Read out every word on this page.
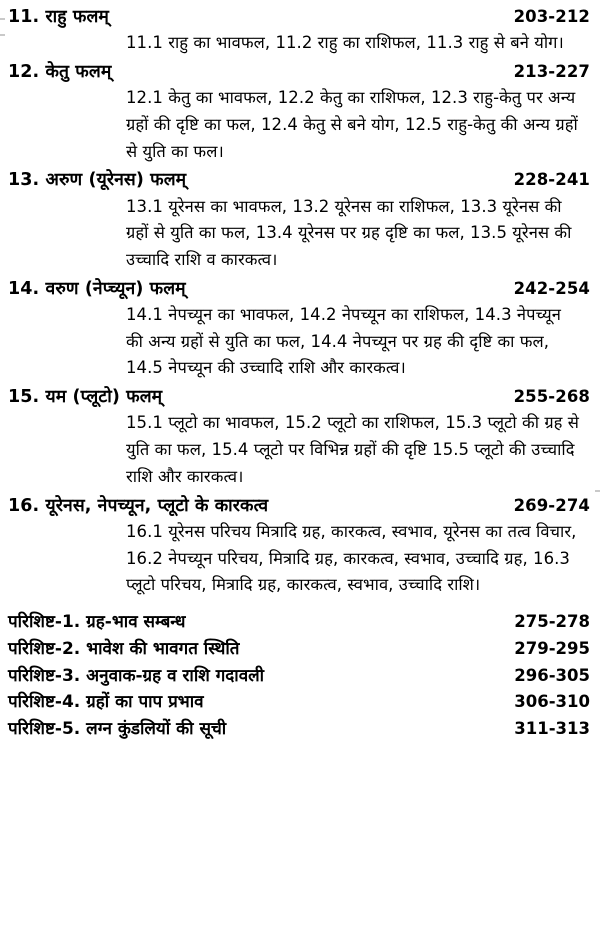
11. राहु फलम्	203-212
11.1 राहु का भावफल, 11.2 राहु का राशिफल, 11.3 राहु से बने योग।
12. केतु फलम्	213-227
12.1 केतु का भावफल, 12.2 केतु का राशिफल, 12.3 राहु-केतु पर अन्य ग्रहों की दृष्टि का फल, 12.4 केतु से बने योग, 12.5 राहु-केतु की अन्य ग्रहों से युति का फल।
13. अरुण (यूरेनस) फलम्	228-241
13.1 यूरेनस का भावफल, 13.2 यूरेनस का राशिफल, 13.3 यूरेनस की ग्रहों से युति का फल, 13.4 यूरेनस पर ग्रह दृष्टि का फल, 13.5 यूरेनस की उच्चादि राशि व कारकत्व।
14. वरुण (नेप्च्यून) फलम्	242-254
14.1 नेपच्यून का भावफल, 14.2 नेपच्यून का राशिफल, 14.3 नेपच्यून की अन्य ग्रहों से युति का फल, 14.4 नेपच्यून पर ग्रह की दृष्टि का फल, 14.5 नेपच्यून की उच्चादि राशि और कारकत्व।
15. यम (प्लूटो) फलम्	255-268
15.1 प्लूटो का भावफल, 15.2 प्लूटो का राशिफल, 15.3 प्लूटो की ग्रह से युति का फल, 15.4 प्लूटो पर विभिन्न ग्रहों की दृष्टि 15.5 प्लूटो की उच्चादि राशि और कारकत्व।
16. यूरेनस, नेपच्यून, प्लूटो के कारकत्व	269-274
16.1 यूरेनस परिचय मित्रादि ग्रह, कारकत्व, स्वभाव, यूरेनस का तत्व विचार, 16.2 नेपच्यून परिचय, मित्रादि ग्रह, कारकत्व, स्वभाव, उच्चादि ग्रह, 16.3 प्लूटो परिचय, मित्रादि ग्रह, कारकत्व, स्वभाव, उच्चादि राशि।
परिशिष्ट-1. ग्रह-भाव सम्बन्ध	275-278
परिशिष्ट-2. भावेश की भावगत स्थिति	279-295
परिशिष्ट-3. अनुवाक-ग्रह व राशि गदावली	296-305
परिशिष्ट-4. ग्रहों का पाप प्रभाव	306-310
परिशिष्ट-5. लग्न कुंडलियों की सूची	311-313
